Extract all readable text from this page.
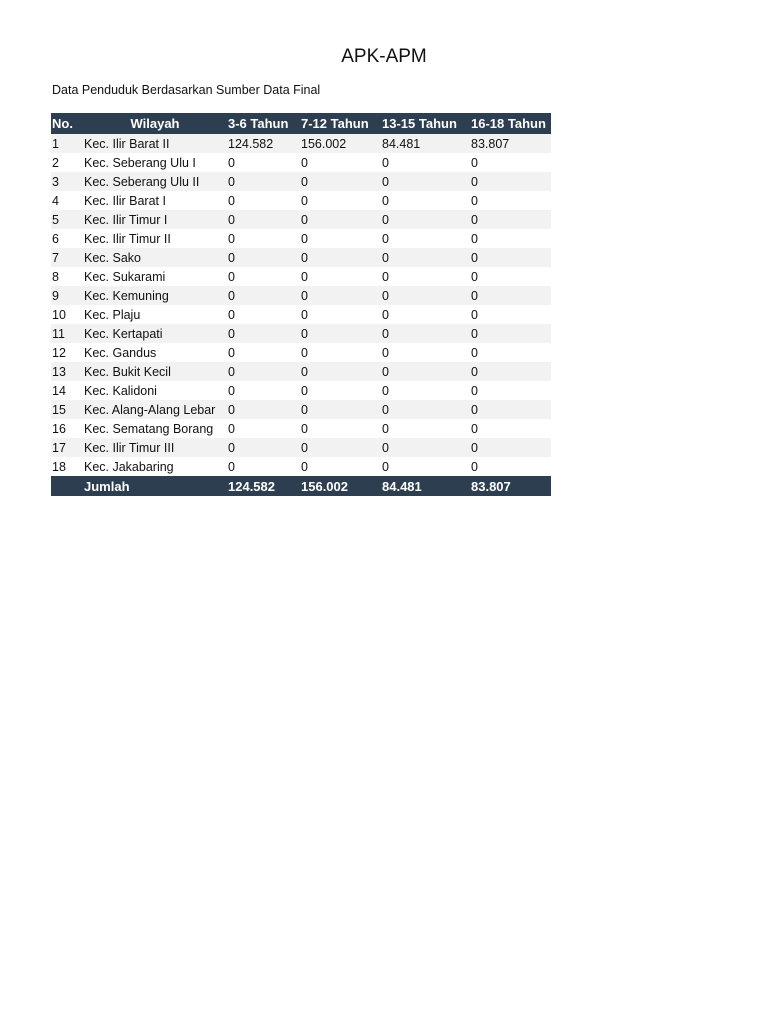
APK-APM

Data Penduduk Berdasarkan Sumber Data Final

No.	Wilayah	3-6 Tahun	7-12 Tahun	13-15 Tahun	16-18 Tahun
1	Kec. Ilir Barat II	124.582	156.002	84.481	83.807
2	Kec. Seberang Ulu I	0	0	0	0
3	Kec. Seberang Ulu II	0	0	0	0
4	Kec. Ilir Barat I	0	0	0	0
5	Kec. Ilir Timur I	0	0	0	0
6	Kec. Ilir Timur II	0	0	0	0
7	Kec. Sako	0	0	0	0
8	Kec. Sukarami	0	0	0	0
9	Kec. Kemuning	0	0	0	0
10	Kec. Plaju	0	0	0	0
11	Kec. Kertapati	0	0	0	0
12	Kec. Gandus	0	0	0	0
13	Kec. Bukit Kecil	0	0	0	0
14	Kec. Kalidoni	0	0	0	0
15	Kec. Alang-Alang Lebar	0	0	0	0
16	Kec. Sematang Borang	0	0	0	0
17	Kec. Ilir Timur III	0	0	0	0
18	Kec. Jakabaring	0	0	0	0
	Jumlah	124.582	156.002	84.481	83.807
